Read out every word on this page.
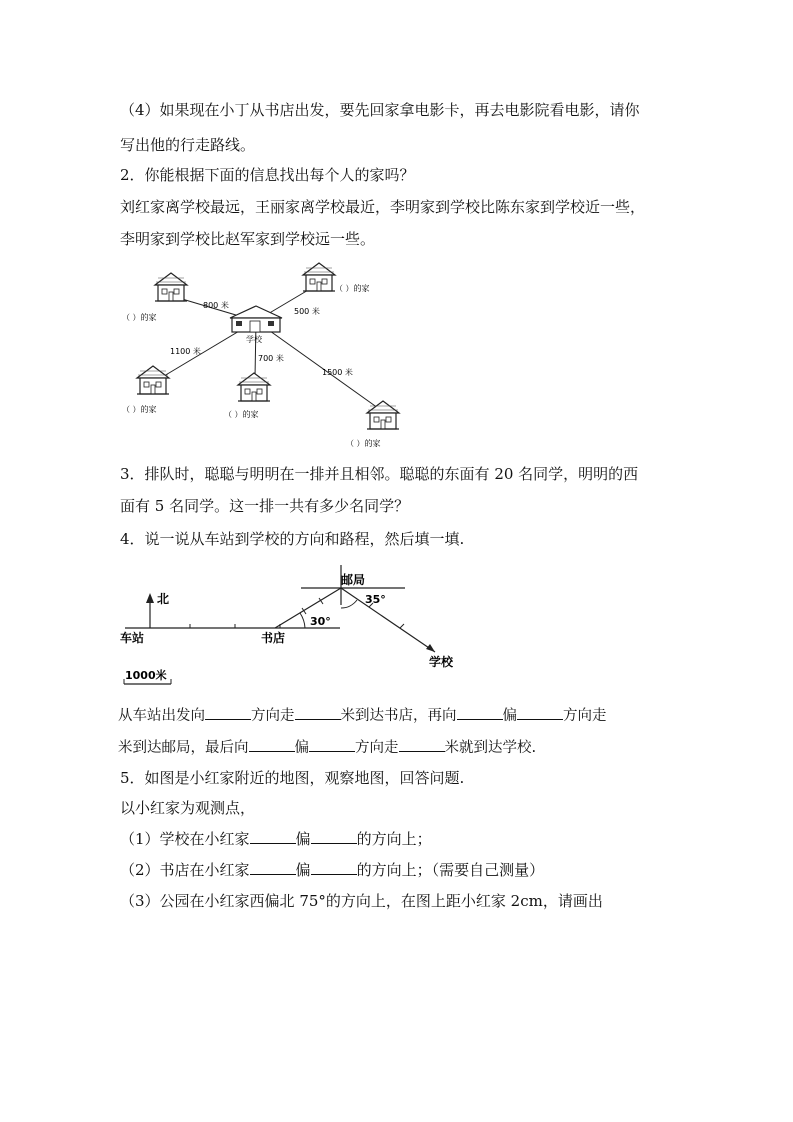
（4）如果现在小丁从书店出发，要先回家拿电影卡，再去电影院看电影，请你
写出他的行走路线。
2．你能根据下面的信息找出每个人的家吗？
刘红家离学校最远，王丽家离学校最近，李明家到学校比陈东家到学校近一些，
李明家到学校比赵军家到学校远一些。
学校
（ ）的家
（ ）的家
（ ）的家
（ ）的家
（ ）的家
800 米
500 米
1100 米
700 米
1500 米
3．排队时，聪聪与明明在一排并且相邻。聪聪的东面有 20 名同学，明明的西
面有 5 名同学。这一排一共有多少名同学？
4．说一说从车站到学校的方向和路程，然后填一填.
北
车站	书店
30°
邮局
35°
学校
1000米
从车站出发向	方向走	米到达书店，再向	偏	方向走
米到达邮局，最后向	偏	方向走	米就到达学校.
5．如图是小红家附近的地图，观察地图，回答问题.
以小红家为观测点，
（1）学校在小红家	偏	的方向上；
（2）书店在小红家	偏	的方向上；（需要自己测量）
（3）公园在小红家西偏北 75°的方向上，在图上距小红家 2cm，请画出
